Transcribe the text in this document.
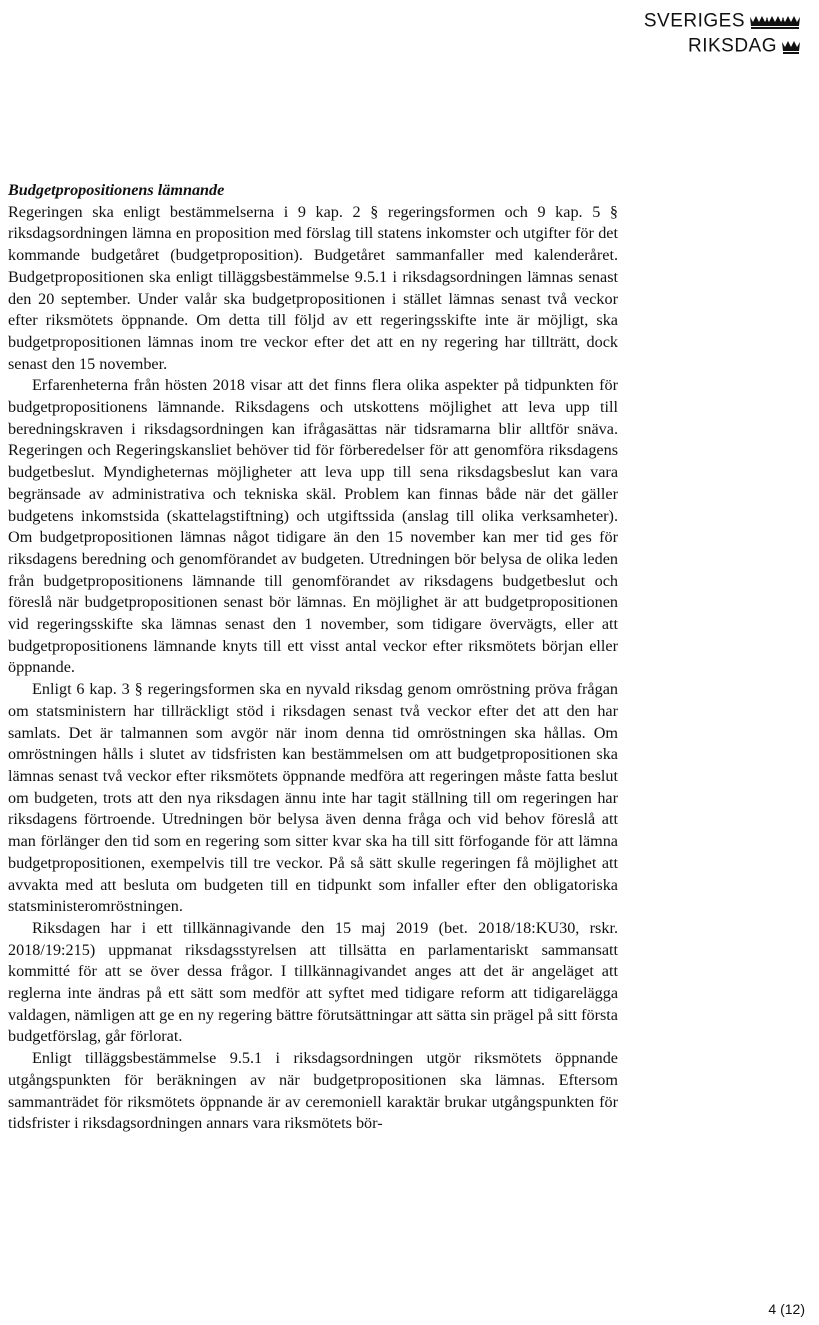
SVERIGES
RIKSDAG

Budgetpropositionens lämnande

Regeringen ska enligt bestämmelserna i 9 kap. 2 § regeringsformen och 9 kap. 5 § riksdagsordningen lämna en proposition med förslag till statens inkomster och utgifter för det kommande budgetåret (budgetproposition). Budgetåret sammanfaller med kalenderåret. Budgetpropositionen ska enligt tilläggsbestämmelse 9.5.1 i riksdagsordningen lämnas senast den 20 september. Under valår ska budgetpropositionen i stället lämnas senast två veckor efter riksmötets öppnande. Om detta till följd av ett regeringsskifte inte är möjligt, ska budgetpropositionen lämnas inom tre veckor efter det att en ny regering har tillträtt, dock senast den 15 november.

Erfarenheterna från hösten 2018 visar att det finns flera olika aspekter på tidpunkten för budgetpropositionens lämnande. Riksdagens och utskottens möjlighet att leva upp till beredningskraven i riksdagsordningen kan ifrågasättas när tidsramarna blir alltför snäva. Regeringen och Regeringskansliet behöver tid för förberedelser för att genomföra riksdagens budgetbeslut. Myndigheternas möjligheter att leva upp till sena riksdagsbeslut kan vara begränsade av administrativa och tekniska skäl. Problem kan finnas både när det gäller budgetens inkomstsida (skattelagstiftning) och utgiftssida (anslag till olika verksamheter). Om budgetpropositionen lämnas något tidigare än den 15 november kan mer tid ges för riksdagens beredning och genomförandet av budgeten. Utredningen bör belysa de olika leden från budgetpropositionens lämnande till genomförandet av riksdagens budgetbeslut och föreslå när budgetpropositionen senast bör lämnas. En möjlighet är att budgetpropositionen vid regeringsskifte ska lämnas senast den 1 november, som tidigare övervägts, eller att budgetpropositionens lämnande knyts till ett visst antal veckor efter riksmötets början eller öppnande.

Enligt 6 kap. 3 § regeringsformen ska en nyvald riksdag genom omröstning pröva frågan om statsministern har tillräckligt stöd i riksdagen senast två veckor efter det att den har samlats. Det är talmannen som avgör när inom denna tid omröstningen ska hållas. Om omröstningen hålls i slutet av tidsfristen kan bestämmelsen om att budgetpropositionen ska lämnas senast två veckor efter riksmötets öppnande medföra att regeringen måste fatta beslut om budgeten, trots att den nya riksdagen ännu inte har tagit ställning till om regeringen har riksdagens förtroende. Utredningen bör belysa även denna fråga och vid behov föreslå att man förlänger den tid som en regering som sitter kvar ska ha till sitt förfogande för att lämna budgetpropositionen, exempelvis till tre veckor. På så sätt skulle regeringen få möjlighet att avvakta med att besluta om budgeten till en tidpunkt som infaller efter den obligatoriska statsministeromröstningen.

Riksdagen har i ett tillkännagivande den 15 maj 2019 (bet. 2018/18:KU30, rskr. 2018/19:215) uppmanat riksdagsstyrelsen att tillsätta en parlamentariskt sammansatt kommitté för att se över dessa frågor. I tillkännagivandet anges att det är angeläget att reglerna inte ändras på ett sätt som medför att syftet med tidigare reform att tidigarelägga valdagen, nämligen att ge en ny regering bättre förutsättningar att sätta sin prägel på sitt första budgetförslag, går förlorat.

Enligt tilläggsbestämmelse 9.5.1 i riksdagsordningen utgör riksmötets öppnande utgångspunkten för beräkningen av när budgetpropositionen ska lämnas. Eftersom sammanträdet för riksmötets öppnande är av ceremoniell karaktär brukar utgångspunkten för tidsfrister i riksdagsordningen annars vara riksmötets bör-

4 (12)
